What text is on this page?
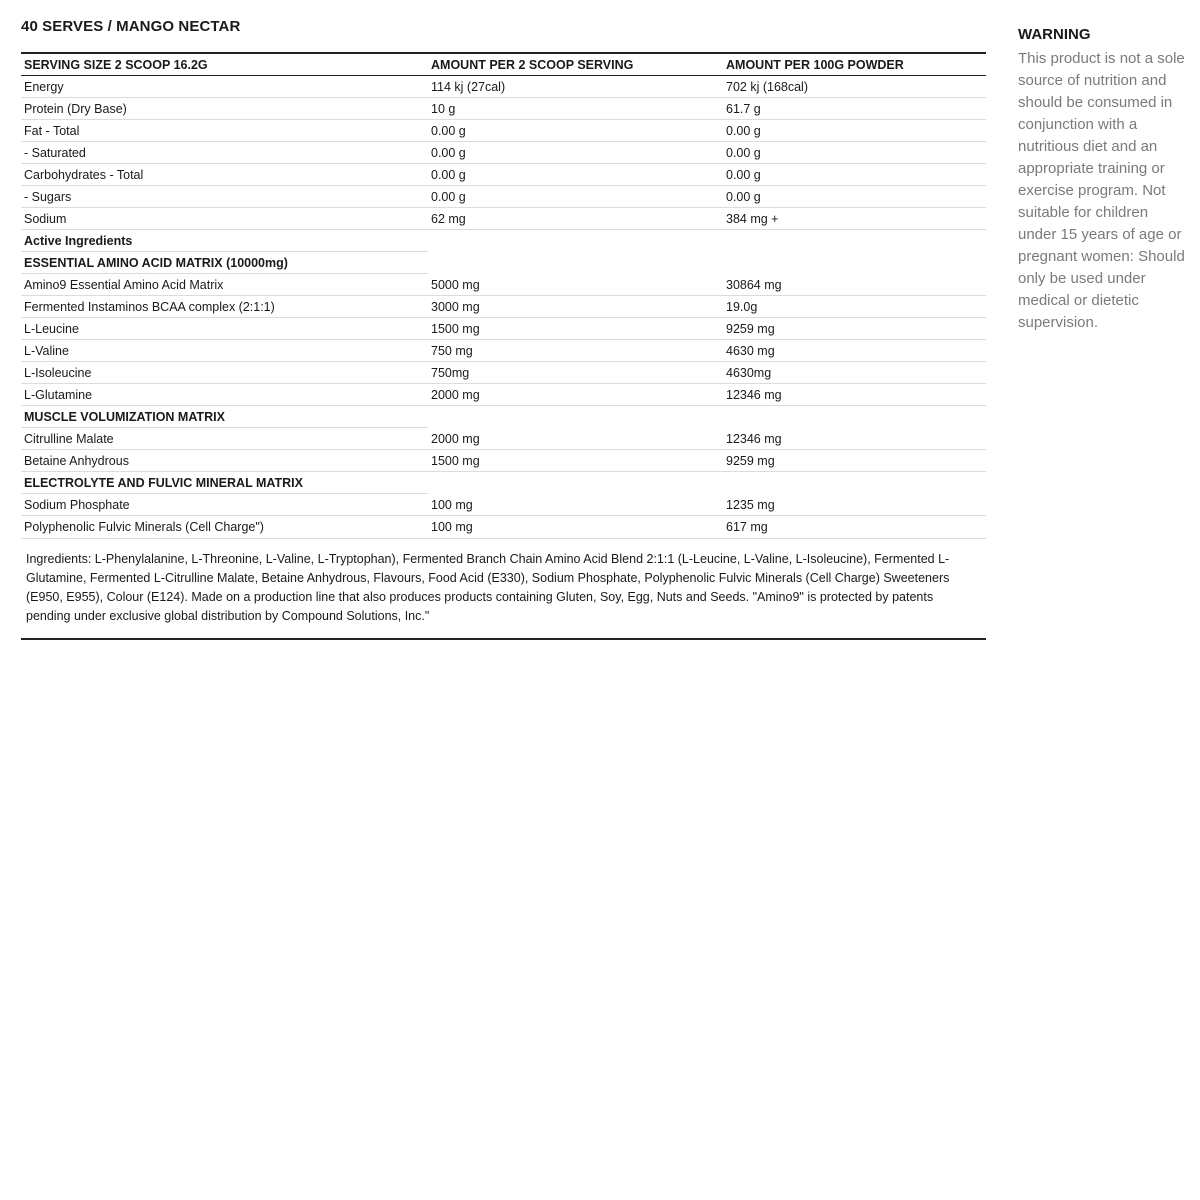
40 SERVES / MANGO NECTAR
SERVING SIZE 2 SCOOP 16.2G	AMOUNT PER 2 SCOOP SERVING	AMOUNT PER 100G POWDER
Energy	114 kj (27cal)	702 kj (168cal)
Protein (Dry Base)	10 g	61.7 g
Fat - Total	0.00 g	0.00 g
- Saturated	0.00 g	0.00 g
Carbohydrates - Total	0.00 g	0.00 g
- Sugars	0.00 g	0.00 g
Sodium	62 mg	384 mg +
Active Ingredients
ESSENTIAL AMINO ACID MATRIX (10000mg)
Amino9 Essential Amino Acid Matrix	5000 mg	30864 mg
Fermented Instaminos BCAA complex (2:1:1)	3000 mg	19.0g
L-Leucine	1500 mg	9259 mg
L-Valine	750 mg	4630 mg
L-Isoleucine	750mg	4630mg
L-Glutamine	2000 mg	12346 mg
MUSCLE VOLUMIZATION MATRIX
Citrulline Malate	2000 mg	12346 mg
Betaine Anhydrous	1500 mg	9259 mg
ELECTROLYTE AND FULVIC MINERAL MATRIX
Sodium Phosphate	100 mg	1235 mg
Polyphenolic Fulvic Minerals (Cell Charge")	100 mg	617 mg
Ingredients: L-Phenylalanine, L-Threonine, L-Valine, L-Tryptophan), Fermented Branch Chain Amino Acid Blend 2:1:1 (L-Leucine, L-Valine, L-Isoleucine), Fermented L-Glutamine, Fermented L-Citrulline Malate, Betaine Anhydrous, Flavours, Food Acid (E330), Sodium Phosphate, Polyphenolic Fulvic Minerals (Cell Charge) Sweeteners (E950, E955), Colour (E124). Made on a production line that also produces products containing Gluten, Soy, Egg, Nuts and Seeds. "Amino9" is protected by patents pending under exclusive global distribution by Compound Solutions, Inc."
WARNING
This product is not a sole source of nutrition and should be consumed in conjunction with a nutritious diet and an appropriate training or exercise program. Not suitable for children under 15 years of age or pregnant women: Should only be used under medical or dietetic supervision.
